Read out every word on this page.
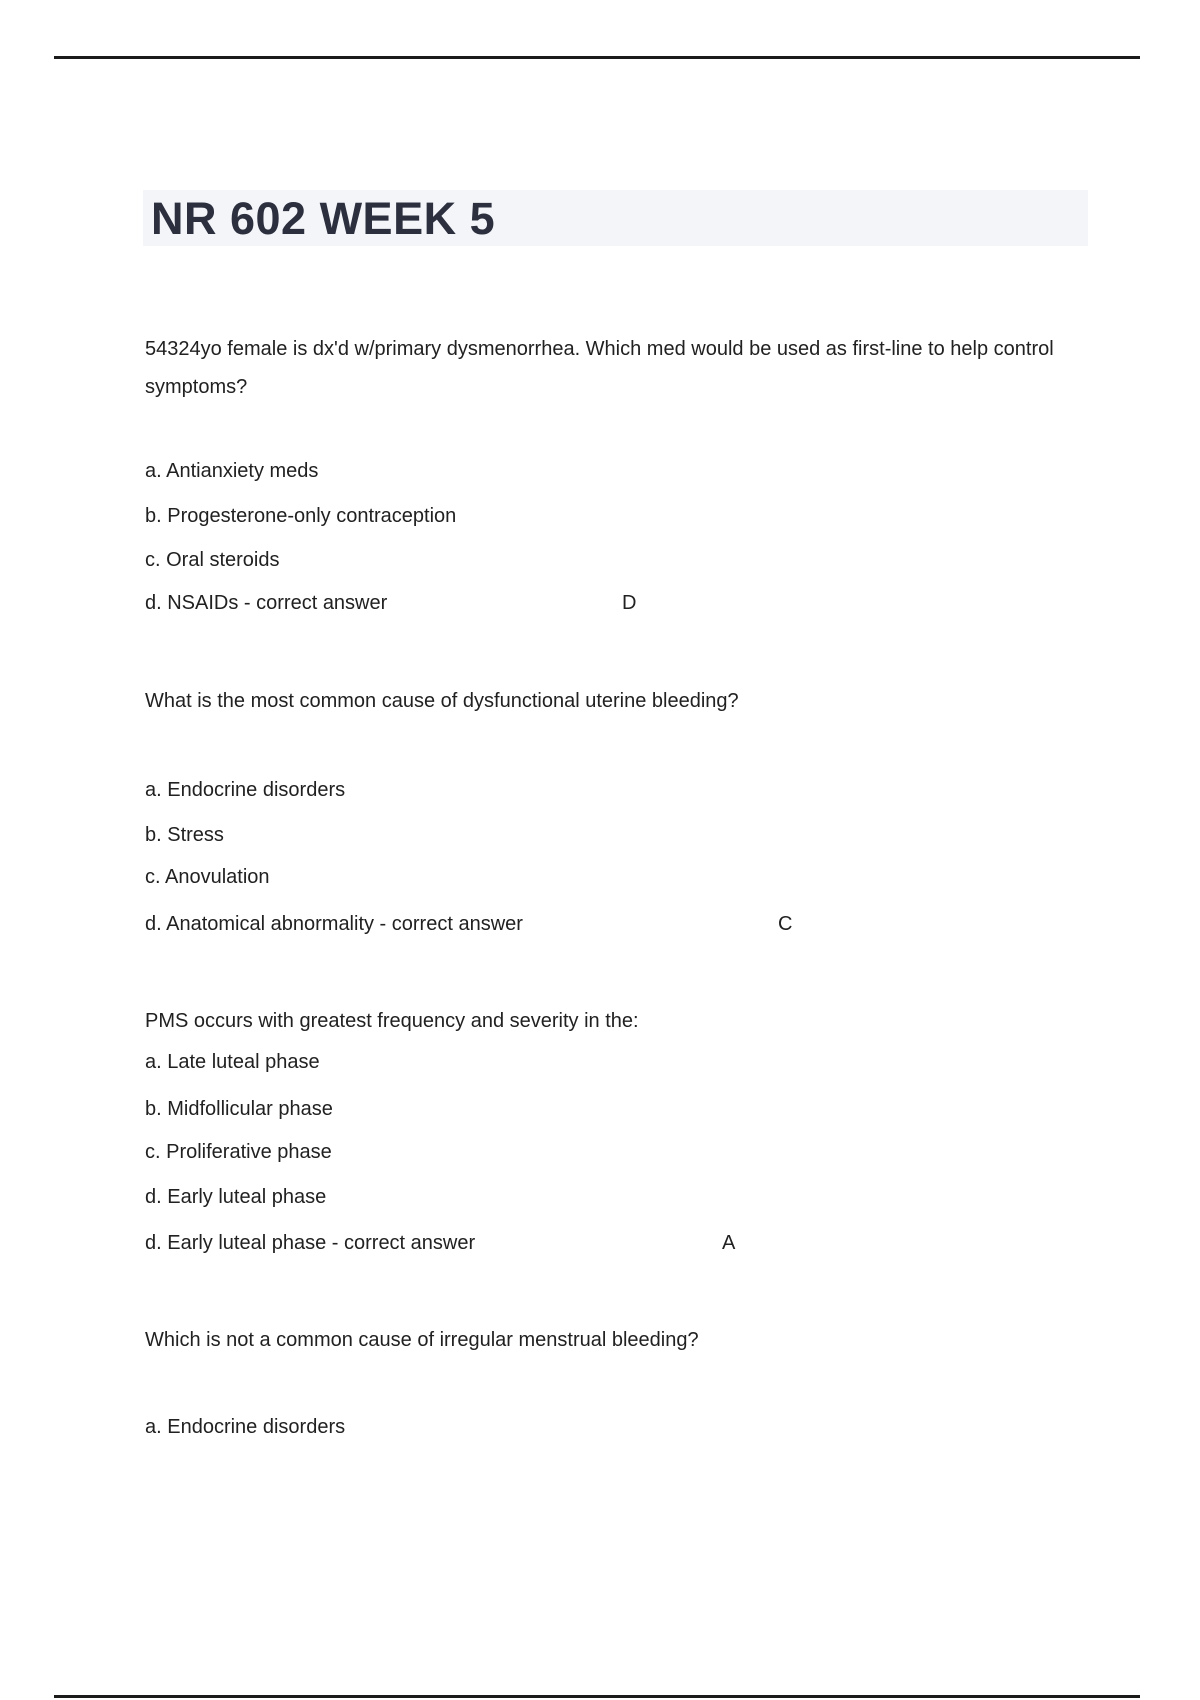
NR 602 WEEK 5
54324yo female is dx'd w/primary dysmenorrhea. Which med would be used as first-line to help control symptoms?
a. Antianxiety meds
b. Progesterone-only contraception
c. Oral steroids
d. NSAIDs - correct answer	D
What is the most common cause of dysfunctional uterine bleeding?
a. Endocrine disorders
b. Stress
c. Anovulation
d. Anatomical abnormality - correct answer	C
PMS occurs with greatest frequency and severity in the:
a. Late luteal phase
b. Midfollicular phase
c. Proliferative phase
d. Early luteal phase
d. Early luteal phase - correct answer	A
Which is not a common cause of irregular menstrual bleeding?
a. Endocrine disorders
